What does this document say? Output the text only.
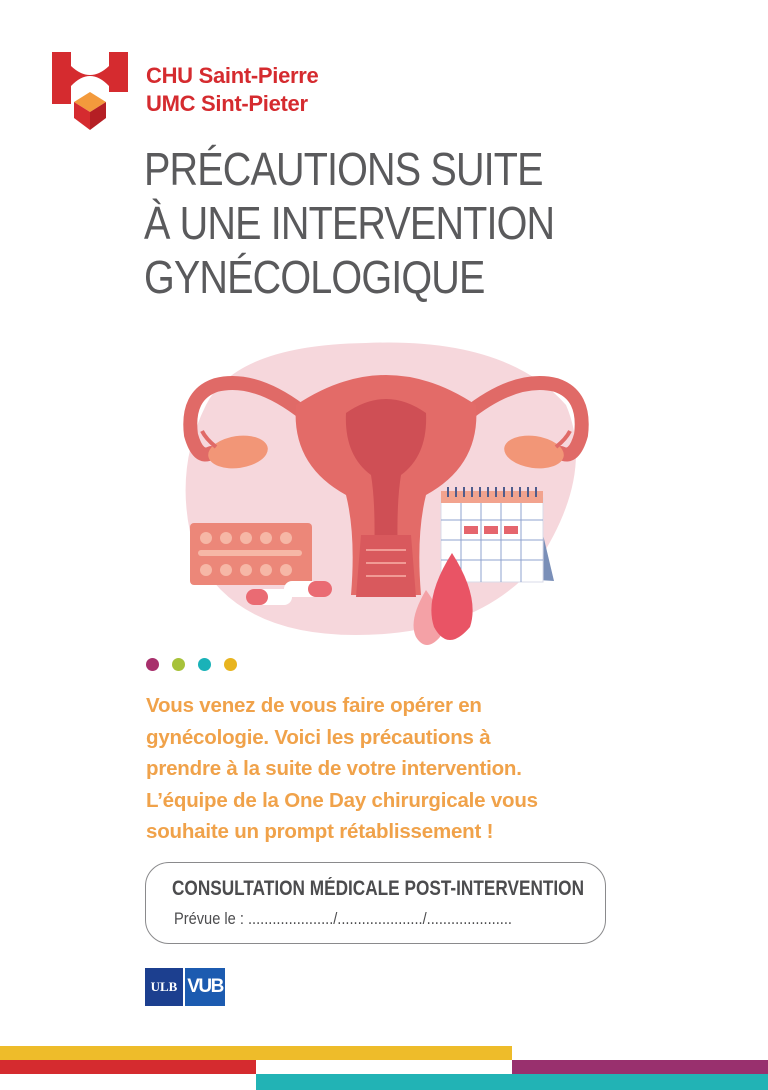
CHU Saint-Pierre
UMC Sint-Pieter
PRÉCAUTIONS SUITE
À UNE INTERVENTION
GYNÉCOLOGIQUE
Vous venez de vous faire opérer en
gynécologie. Voici les précautions à
prendre à la suite de votre intervention.
L’équipe de la One Day chirurgicale vous
souhaite un prompt rétablissement !
CONSULTATION MÉDICALE POST-INTERVENTION
Prévue le : ...................../...................../.....................
ULB VUB
